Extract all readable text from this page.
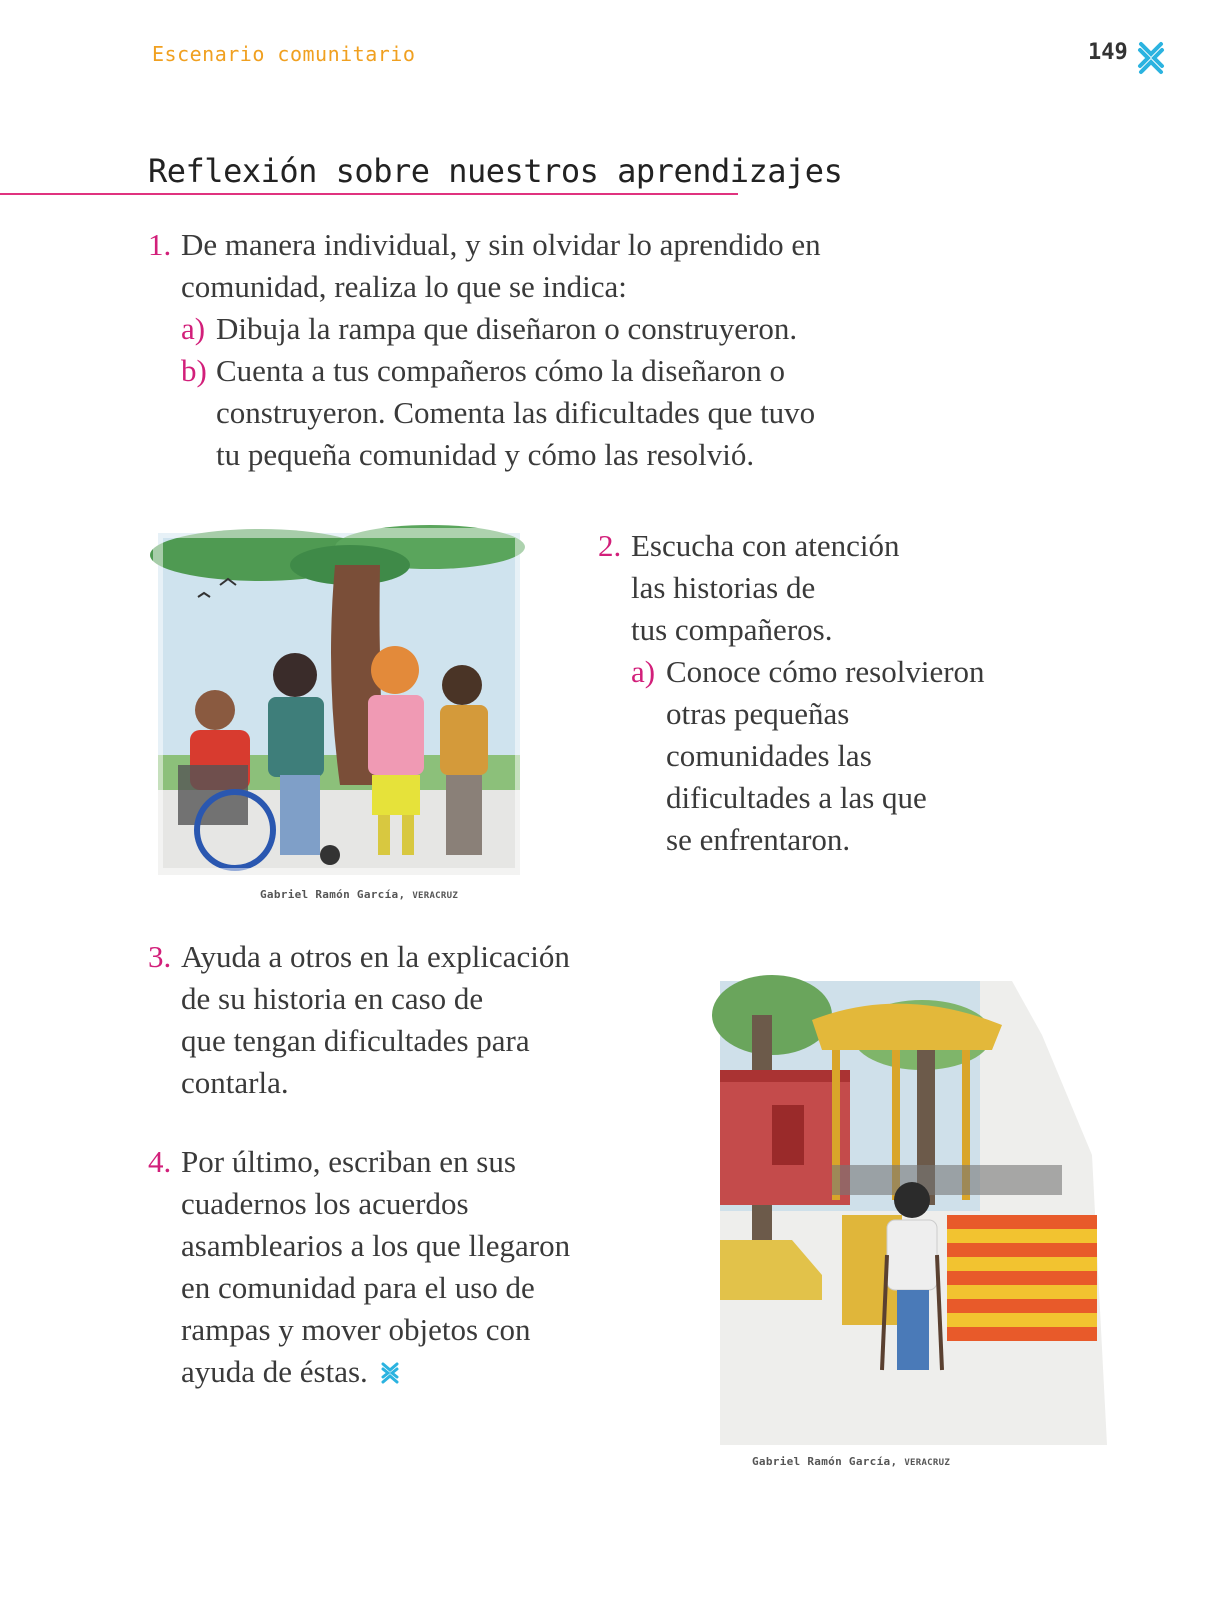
Escenario comunitario	149
Reflexión sobre nuestros aprendizajes
1. De manera individual, y sin olvidar lo aprendido en
comunidad, realiza lo que se indica:
a) Dibuja la rampa que diseñaron o construyeron.
b) Cuenta a tus compañeros cómo la diseñaron o
construyeron. Comenta las dificultades que tuvo
tu pequeña comunidad y cómo las resolvió.
Gabriel Ramón García, VERACRUZ
2. Escucha con atención
las historias de
tus compañeros.
a) Conoce cómo resolvieron
otras pequeñas
comunidades las
dificultades a las que
se enfrentaron.
3. Ayuda a otros en la explicación
de su historia en caso de
que tengan dificultades para
contarla.
4. Por último, escriban en sus
cuadernos los acuerdos
asamblearios a los que llegaron
en comunidad para el uso de
rampas y mover objetos con
ayuda de éstas.
Gabriel Ramón García, VERACRUZ
